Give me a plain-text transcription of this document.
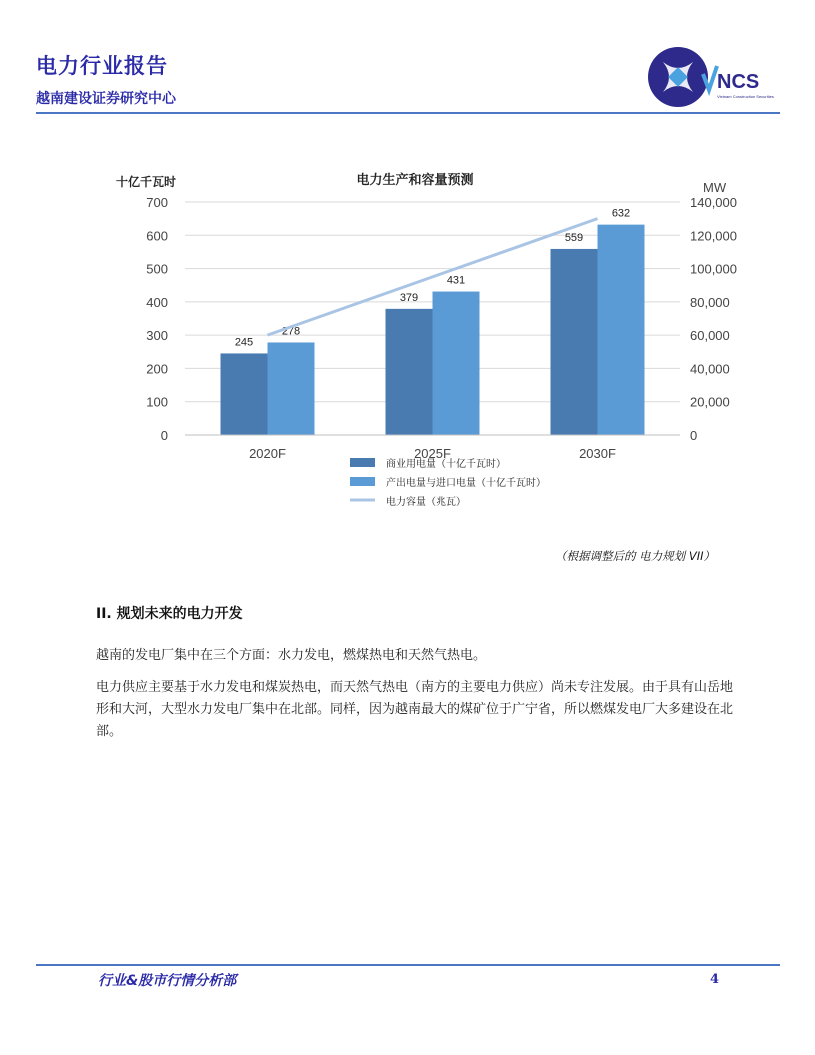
电力行业报告
越南建设证券研究中心
NCS
Vietnam Construction Securities
电力生产和容量预测
十亿千瓦时	MW
0
100
200
300
400
500
600
700
0
20,000
40,000
60,000
80,000
100,000
120,000
140,000
245
278
2020F
379
431
2025F
559
632
2030F
商业用电量（十亿千瓦时）
产出电量与进口电量（十亿千瓦时）
电力容量（兆瓦）
（根据调整后的 电力规划 VII）
II. 规划未来的电力开发
越南的发电厂集中在三个方面：水力发电，燃煤热电和天然气热电。
电力供应主要基于水力发电和煤炭热电，而天然气热电（南方的主要电力供应）尚未专注发展。由于具有山岳地形和大河，大型水力发电厂集中在北部。同样，因为越南最大的煤矿位于广宁省，所以燃煤发电厂大多建设在北部。
行业&股市行情分析部	4
